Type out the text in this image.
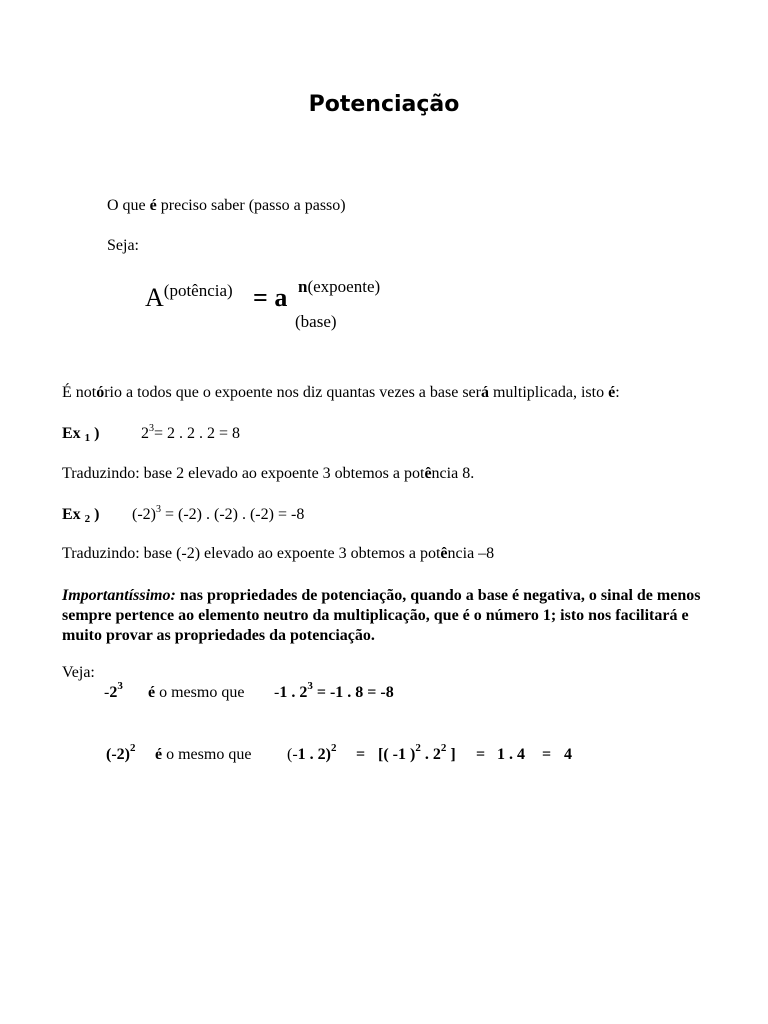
Potenciação
O que é preciso saber (passo a passo)
Seja:
$A^{(potência)} = a$ n(expoente)
(base)
É notório a todos que o expoente nos diz quantas vezes a base será multiplicada, isto é:
Ex $_1$ )	$2^3= 2$ . 2 . 2 = 8
Traduzindo: base 2 elevado ao expoente 3 obtemos a potência 8.
Ex $_2$ ) $(-2)^3 = (-2)$ . (-2) . (-2) = -8
Traduzindo: base (-2) elevado ao expoente 3 obtemos a potência –8
Importantíssimo: nas propriedades de potenciação, quando a base é negativa, o sinal de menos sempre pertence ao elemento neutro da multiplicação, que é o número 1; isto nos facilitará e muito provar as propriedades da potenciação.
Veja:
$-2^3$ é o mesmo que -1 . $2^3 = -1$ . 8 = -8
$(-2)^2$ é o mesmo que (-1 . 2)$^2$ = [( -1 )$^2$ . $2^2$ ] = 1 . 4 = 4
